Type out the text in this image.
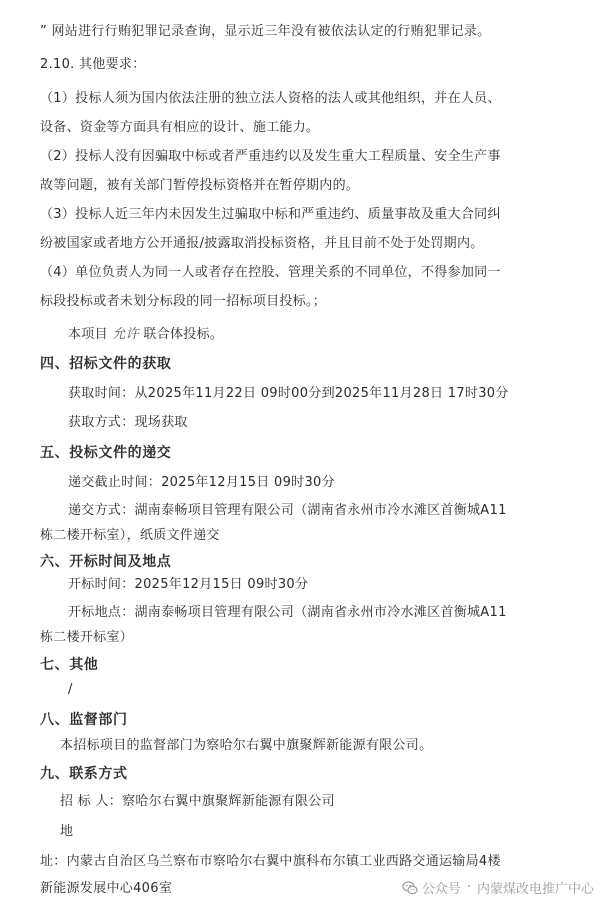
” 网站进行行贿犯罪记录查询，显示近三年没有被依法认定的行贿犯罪记录。
2.10. 其他要求：
（1）投标人须为国内依法注册的独立法人资格的法人或其他组织，并在人员、
设备、资金等方面具有相应的设计、施工能力。
（2）投标人没有因骗取中标或者严重违约以及发生重大工程质量、安全生产事
故等问题，被有关部门暂停投标资格并在暂停期内的。
（3）投标人近三年内未因发生过骗取中标和严重违约、质量事故及重大合同纠
纷被国家或者地方公开通报/披露取消投标资格，并且目前不处于处罚期内。
（4）单位负责人为同一人或者存在控股、管理关系的不同单位，不得参加同一
标段投标或者未划分标段的同一招标项目投标。；
本项目 允许 联合体投标。
四、招标文件的获取
获取时间：从2025年11月22日 09时00分到2025年11月28日 17时30分
获取方式：现场获取
五、投标文件的递交
递交截止时间：2025年12月15日 09时30分
递交方式：湖南泰畅项目管理有限公司（湖南省永州市冷水滩区首衡城A11
栋二楼开标室），纸质文件递交
六、开标时间及地点
开标时间：2025年12月15日 09时30分
开标地点：湖南泰畅项目管理有限公司（湖南省永州市冷水滩区首衡城A11
栋二楼开标室）
七、其他
/
八、监督部门
本招标项目的监督部门为察哈尔右翼中旗聚辉新能源有限公司。
九、联系方式
招 标 人：察哈尔右翼中旗聚辉新能源有限公司
地
址：内蒙古自治区乌兰察布市察哈尔右翼中旗科布尔镇工业西路交通运输局4楼
新能源发展中心406室	公众号 · 内蒙煤改电推广中心
